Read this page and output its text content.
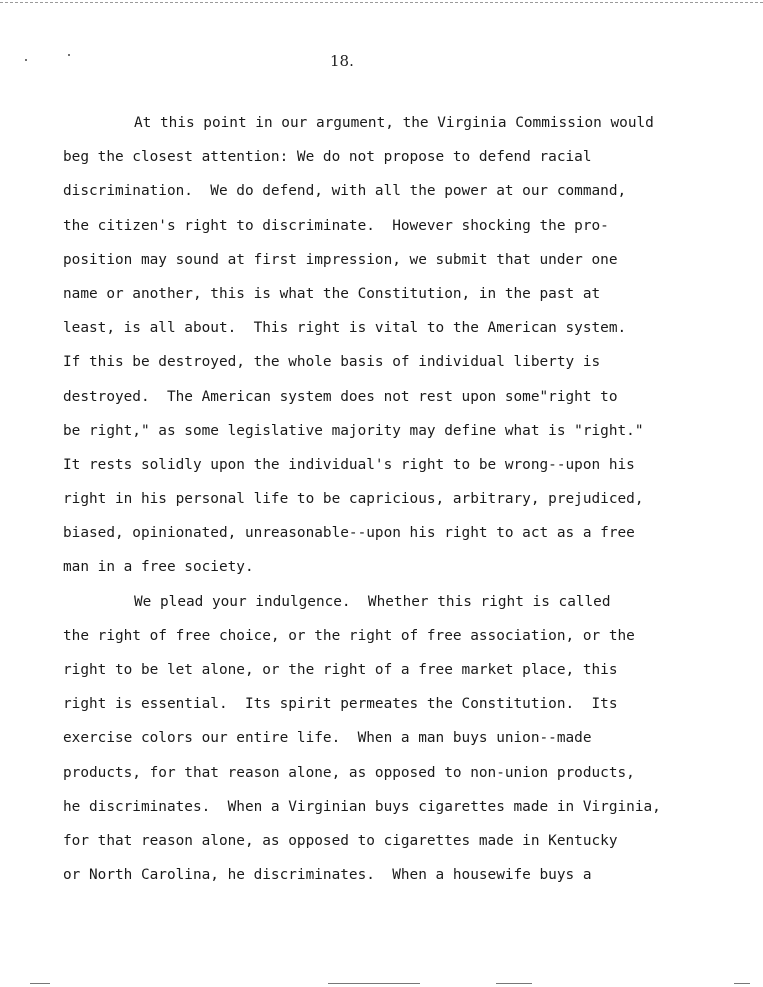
18.
At this point in our argument, the Virginia Commission would
beg the closest attention: We do not propose to defend racial
discrimination.  We do defend, with all the power at our command,
the citizen's right to discriminate.  However shocking the pro-
position may sound at first impression, we submit that under one
name or another, this is what the Constitution, in the past at
least, is all about.  This right is vital to the American system.
If this be destroyed, the whole basis of individual liberty is
destroyed.  The American system does not rest upon some"right to
be right," as some legislative majority may define what is "right."
It rests solidly upon the individual's right to be wrong--upon his
right in his personal life to be capricious, arbitrary, prejudiced,
biased, opinionated, unreasonable--upon his right to act as a free
man in a free society.
We plead your indulgence.  Whether this right is called
the right of free choice, or the right of free association, or the
right to be let alone, or the right of a free market place, this
right is essential.  Its spirit permeates the Constitution.  Its
exercise colors our entire life.  When a man buys union--made
products, for that reason alone, as opposed to non-union products,
he discriminates.  When a Virginian buys cigarettes made in Virginia,
for that reason alone, as opposed to cigarettes made in Kentucky
or North Carolina, he discriminates.  When a housewife buys a
